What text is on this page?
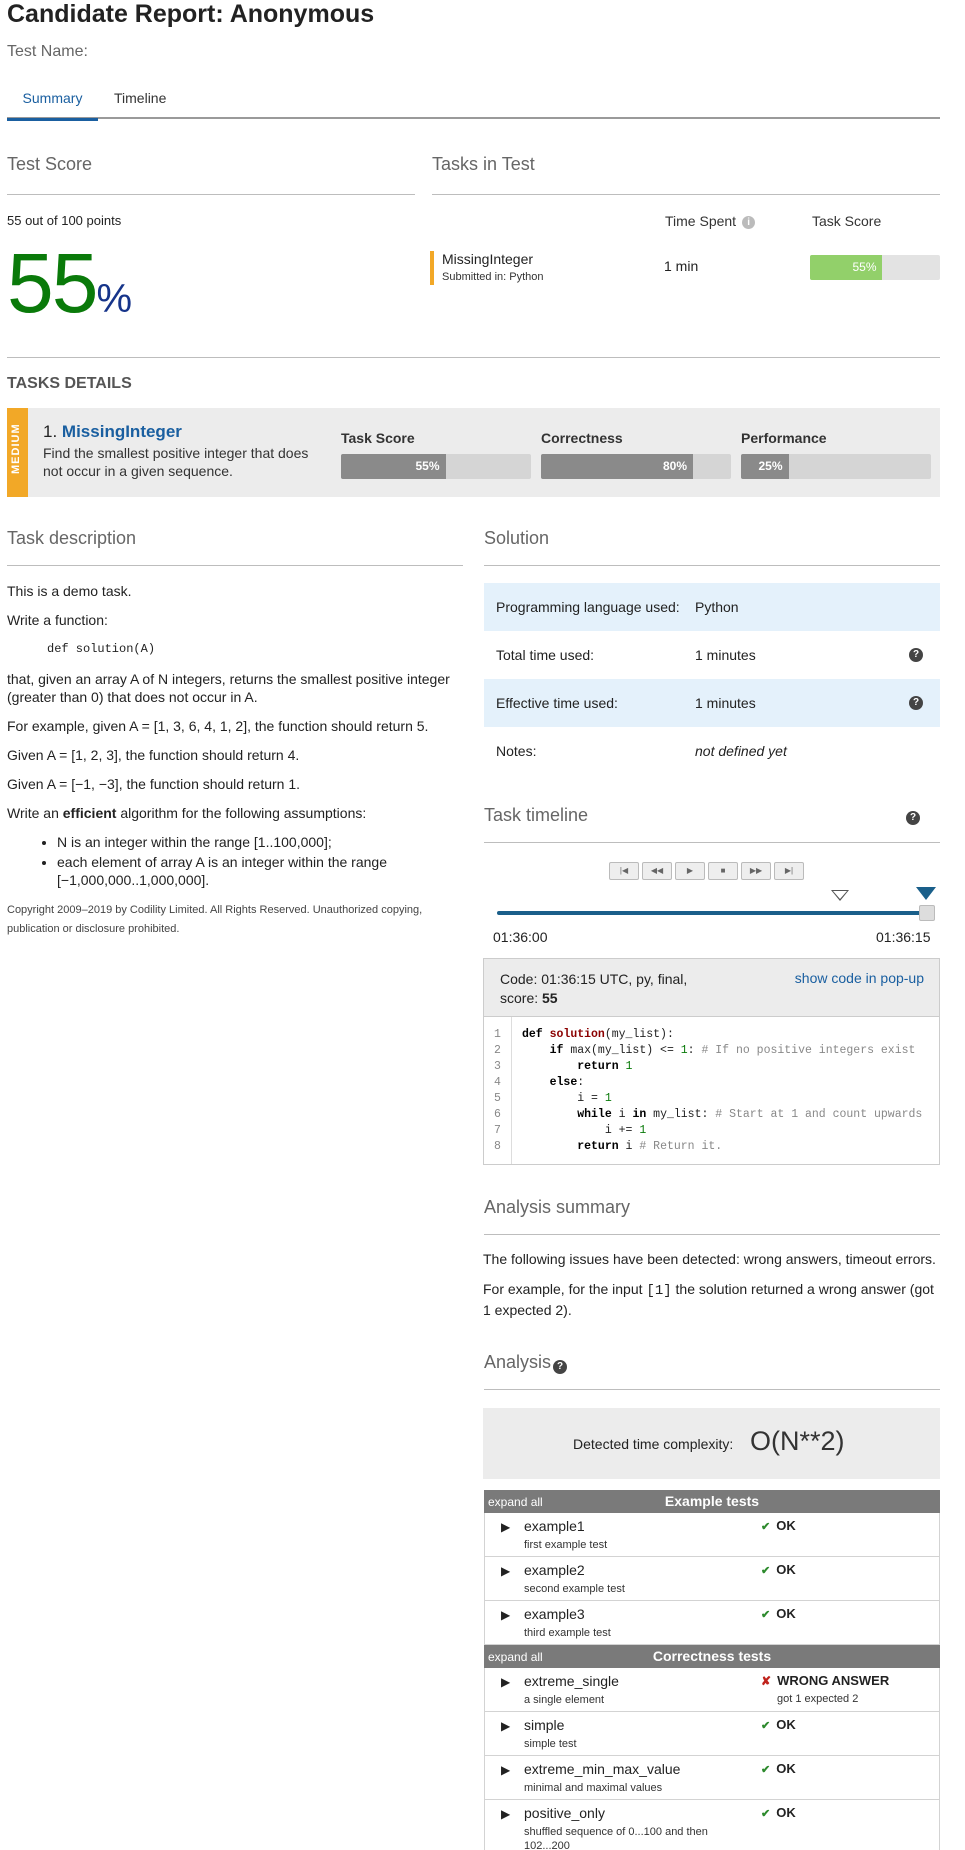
Candidate Report: Anonymous
Test Name:
Summary	Timeline
Test Score
55 out of 100 points
55%
Tasks in Test
Time Spent i	Task Score
MissingInteger
Submitted in: Python
1 min	55%
TASKS DETAILS
MEDIUM 1. MissingInteger
Find the smallest positive integer that does not occur in a given sequence.
Task Score
55%
Correctness
80%
Performance
25%
Task description

This is a demo task.

Write a function:

def solution(A)

that, given an array A of N integers, returns the smallest positive integer (greater than 0) that does not occur in A.

For example, given A = [1, 3, 6, 4, 1, 2], the function should return 5.

Given A = [1, 2, 3], the function should return 4.

Given A = [−1, −3], the function should return 1.

Write an efficient algorithm for the following assumptions:

• N is an integer within the range [1..100,000];
• each element of array A is an integer within the range [−1,000,000..1,000,000].
Copyright 2009–2019 by Codility Limited. All Rights Reserved. Unauthorized copying, publication or disclosure prohibited.
Solution
Programming language used: Python
Total time used:	1 minutes	?
Effective time used:	1 minutes	?
Notes:	not defined yet
Task timeline	?
|◀	◀◀	▶	■	▶▶	▶|
01:36:00	01:36:15
Code: 01:36:15 UTC, py, final,
score: 55
show code in pop-up
1
2
3
4
5
6
7
8
def solution(my_list):
if max(my_list) <= 1: # If no positive integers exist
return 1
else:
i = 1
while i in my_list: # Start at 1 and count upwards
i += 1
return i # Return it.
Analysis summary

The following issues have been detected: wrong answers, timeout errors.

For example, for the input [1] the solution returned a wrong answer (got 1 expected 2).

Analysis ?
Detected time complexity: O(N**2)
Example tests
expand all
▶ example1
first example test
✔ OK
▶ example2
second example test
✔ OK
▶ example3
third example test
✔ OK
Correctness tests
expand all
▶ extreme_single
a single element
✘ WRONG ANSWER
got 1 expected 2
▶ simple
simple test
✔ OK
▶ extreme_min_max_value
minimal and maximal values
✔ OK
▶ positive_only
shuffled sequence of 0...100 and then 102...200
✔ OK
